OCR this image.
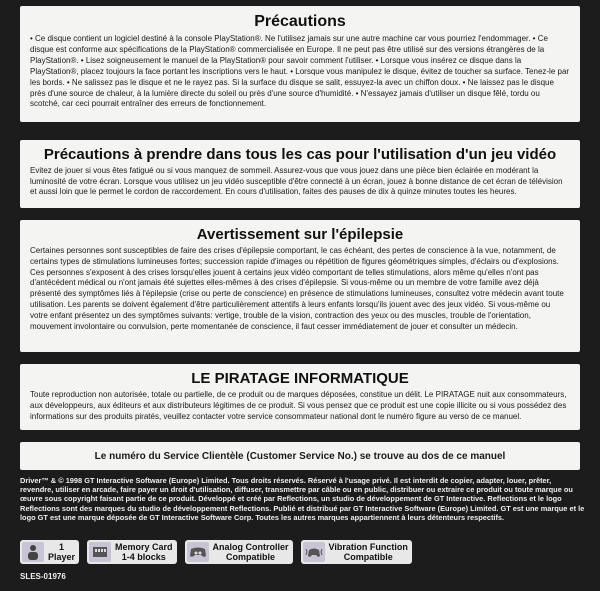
Précautions

• Ce disque contient un logiciel destiné à la console PlayStation®. Ne l'utilisez jamais sur une autre machine car vous pourriez l'endommager. • Ce disque est conforme aux spécifications de la PlayStation® commercialisée en Europe. Il ne peut pas être utilisé sur des versions étrangères de la PlayStation®. • Lisez soigneusement le manuel de la PlayStation® pour savoir comment l'utiliser. • Lorsque vous insérez ce disque dans la PlayStation®, placez toujours la face portant les inscriptions vers le haut. • Lorsque vous manipulez le disque, évitez de toucher sa surface. Tenez-le par les bords. • Ne salissez pas le disque et ne le rayez pas. Si la surface du disque se salit, essuyez-la avec un chiffon doux. • Ne laissez pas le disque près d'une source de chaleur, à la lumière directe du soleil ou près d'une source d'humidité. • N'essayez jamais d'utiliser un disque fêlé, tordu ou scotché, car ceci pourrait entraîner des erreurs de fonctionnement.

Précautions à prendre dans tous les cas pour l'utilisation d'un jeu vidéo

Evitez de jouer si vous êtes fatigué ou si vous manquez de sommeil. Assurez-vous que vous jouez dans une pièce bien éclairée en modérant la luminosité de votre écran. Lorsque vous utilisez un jeu vidéo susceptible d'être connecté à un écran, jouez à bonne distance de cet écran de télévision et aussi loin que le permet le cordon de raccordement. En cours d'utilisation, faites des pauses de dix à quinze minutes toutes les heures.

Avertissement sur l'épilepsie

Certaines personnes sont susceptibles de faire des crises d'épilepsie comportant, le cas échéant, des pertes de conscience à la vue, notamment, de certains types de stimulations lumineuses fortes; succession rapide d'images ou répétition de figures géométriques simples, d'éclairs ou d'explosions. Ces personnes s'exposent à des crises lorsqu'elles jouent à certains jeux vidéo comportant de telles stimulations, alors même qu'elles n'ont pas d'antécédent médical ou n'ont jamais été sujettes elles-mêmes à des crises d'épilepsie. Si vous-même ou un membre de votre famille avez déjà présenté des symptômes liés à l'épilepsie (crise ou perte de conscience) en présence de stimulations lumineuses, consultez votre médecin avant toute utilisation. Les parents se doivent également d'être particulièrement attentifs à leurs enfants lorsqu'ils jouent avec des jeux vidéo. Si vous-même ou votre enfant présentez un des symptômes suivants: vertige, trouble de la vision, contraction des yeux ou des muscles, trouble de l'orientation, mouvement involontaire ou convulsion, perte momentanée de conscience, il faut cesser immédiatement de jouer et consulter un médecin.

LE PIRATAGE INFORMATIQUE

Toute reproduction non autorisée, totale ou partielle, de ce produit ou de marques déposées, constitue un délit. Le PIRATAGE nuit aux consommateurs, aux développeurs, aux éditeurs et aux distributeurs légitimes de ce produit. Si vous pensez que ce produit est une copie illicite ou si vous possédez des informations sur des produits piratés, veuillez contacter votre service consommateur national dont le numéro figure au verso de ce manuel.

Le numéro du Service Clientèle (Customer Service No.) se trouve au dos de ce manuel

Driver™ & © 1998 GT Interactive Software (Europe) Limited. Tous droits réservés. Réservé à l'usage privé. Il est interdit de copier, adapter, louer, prêter, revendre, utiliser en arcade, faire payer un droit d'utilisation, diffuser, transmettre par câble ou en public, distribuer ou extraire ce produit ou toute marque ou œuvre sous copyright faisant partie de ce produit. Développé et créé par Reflections, un studio de développement de GT Interactive. Reflections et le logo Reflections sont des marques du studio de développement Reflections. Publié et distribué par GT Interactive Software (Europe) Limited. GT est une marque et le logo GT est une marque déposée de GT Interactive Software Corp. Toutes les autres marques appartiennent à leurs détenteurs respectifs.

1
Player
Memory Card
1-4 blocks
Analog Controller
Compatible
Vibration Function
Compatible
SLES-01976
